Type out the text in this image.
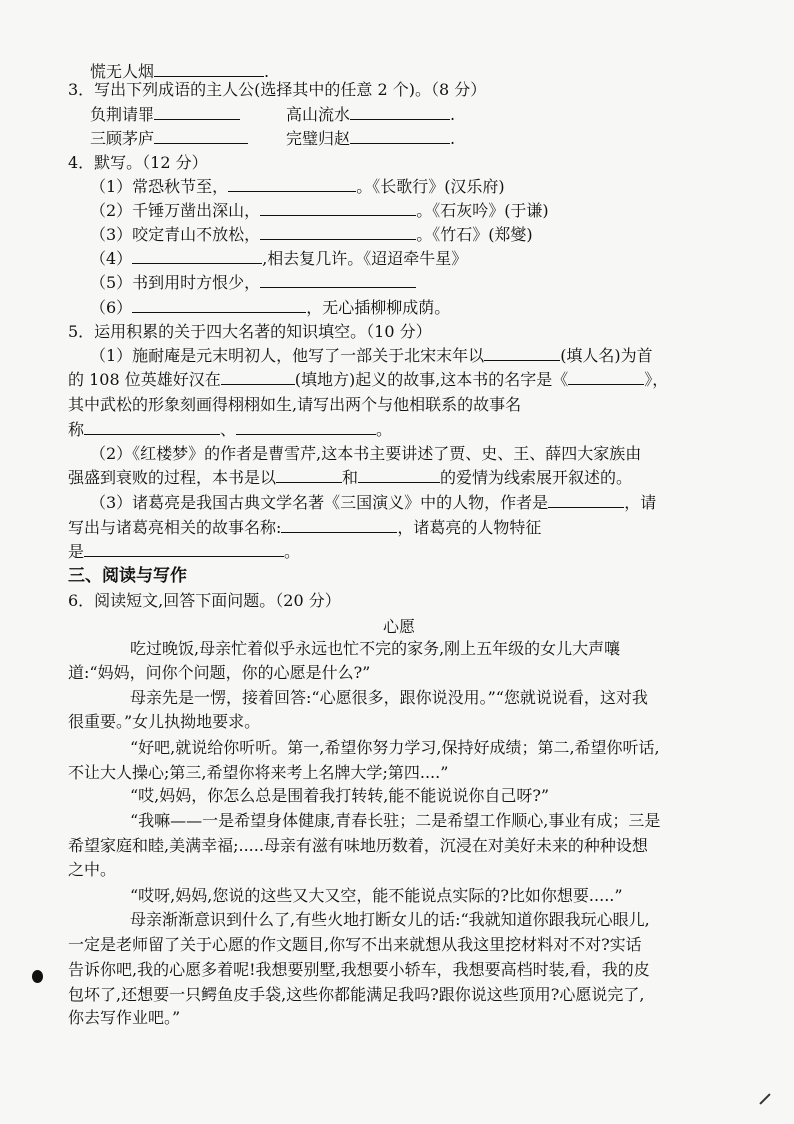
慌无人烟	.
3．写出下列成语的主人公(选择其中的任意 2 个)。（8 分）
负荆请罪	高山流水	.
三顾茅庐	完璧归赵	.
4．默写。（12 分）
（1）常恐秋节至，	。《长歌行》(汉乐府)
（2）千锤万凿出深山，	。《石灰吟》(于谦)
（3）咬定青山不放松，	。《竹石》(郑燮)
（4）	,相去复几许。《迢迢牵牛星》
（5）书到用时方恨少，
（6）	，无心插柳柳成荫。
5．运用积累的关于四大名著的知识填空。（10 分）
（1）施耐庵是元末明初人，他写了一部关于北宋末年以	(填人名)为首
的 108 位英雄好汉在	(填地方)起义的故事,这本书的名字是《	》，
其中武松的形象刻画得栩栩如生,请写出两个与他相联系的故事名
称	、	。
（2）《红楼梦》的作者是曹雪芹,这本书主要讲述了贾、史、王、薛四大家族由
强盛到衰败的过程，本书是以	和	的爱情为线索展开叙述的。
（3）诸葛亮是我国古典文学名著《三国演义》中的人物，作者是	，请
写出与诸葛亮相关的故事名称:	，诸葛亮的人物特征
是	。
三、阅读与写作
6．阅读短文,回答下面问题。（20 分）
心愿
吃过晚饭,母亲忙着似乎永远也忙不完的家务,刚上五年级的女儿大声嚷
道:“妈妈，问你个问题，你的心愿是什么?”
母亲先是一愣，接着回答:“心愿很多，跟你说没用。”“您就说说看，这对我
很重要。”女儿执拗地要求。
“好吧,就说给你听听。第一,希望你努力学习,保持好成绩；第二,希望你听话,
不让大人操心;第三,希望你将来考上名牌大学;第四....”
“哎,妈妈，你怎么总是围着我打转转,能不能说说你自己呀?”
“我嘛——一是希望身体健康,青春长驻；二是希望工作顺心,事业有成；三是
希望家庭和睦,美满幸福;.....母亲有滋有味地历数着，沉浸在对美好未来的种种设想
之中。
“哎呀,妈妈,您说的这些又大又空，能不能说点实际的?比如你想要.....”
母亲渐渐意识到什么了,有些火地打断女儿的话:“我就知道你跟我玩心眼儿,
一定是老师留了关于心愿的作文题目,你写不出来就想从我这里挖材料对不对?实话
告诉你吧,我的心愿多着呢!我想要别墅,我想要小轿车，我想要高档时装,看，我的皮
包坏了,还想要一只鳄鱼皮手袋,这些你都能满足我吗?跟你说这些顶用?心愿说完了,
你去写作业吧。”
